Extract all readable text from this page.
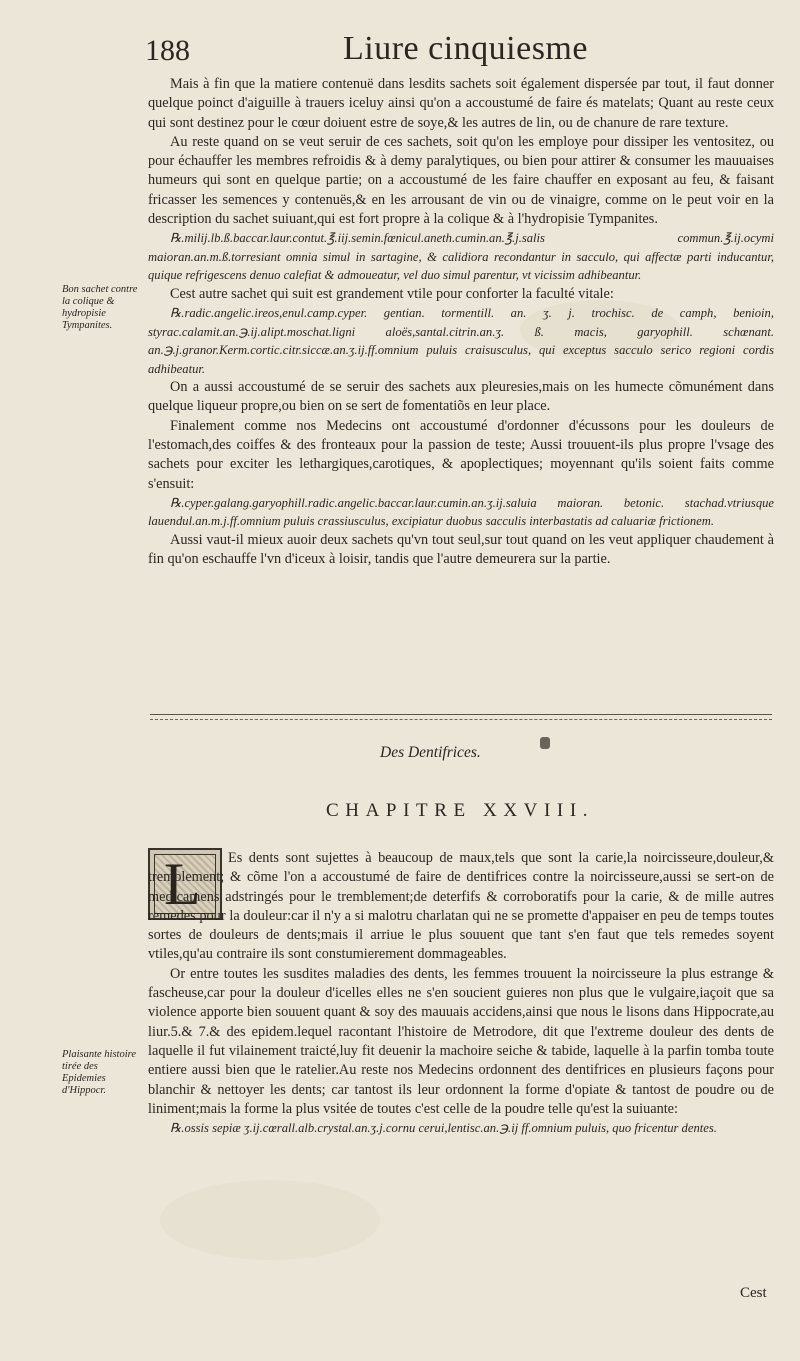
188	Liure cinquiesme
Bon sachet contre la colique & hydropisie Tympanites.
Plaisante histoire tirée des Epidemies d'Hippocr.

Mais à fin que la matiere contenuë dans lesdits sachets soit également dispersée par tout, il faut donner quelque poinct d'aiguille à trauers iceluy ainsi qu'on a accoustumé de faire és matelats; Quant au reste ceux qui sont destinez pour le cœur doiuent estre de soye,& les autres de lin, ou de chanure de rare texture.

Au reste quand on se veut seruir de ces sachets, soit qu'on les employe pour dissiper les ventositez, ou pour échauffer les membres refroidis & à demy paralytiques, ou bien pour attirer & consumer les mauuaises humeurs qui sont en quelque partie; on a accoustumé de les faire chauffer en exposant au feu, & faisant fricasser les semences y contenuës,& en les arrousant de vin ou de vinaigre, comme on le peut voir en la description du sachet suiuant,qui est fort propre à la colique & à l'hydropisie Tympanites.

℞.milij.lb.ß.baccar.laur.contut.℥.iij.semin.fœnicul.aneth.cumin.an.℥.j.salis commun.℥.ij.ocymi maioran.an.m.ß.torresiant omnia simul in sartagine, & calidiora recondantur in sacculo, qui affectæ parti inducantur, quique refrigescens denuo calefiat & admoueatur, vel duo simul parentur, vt vicissim adhibeantur.

Cest autre sachet qui suit est grandement vtile pour conforter la faculté vitale:

℞.radic.angelic.ireos,enul.camp.cyper. gentian. tormentill. an. ʒ. j. trochisc. de camph, benioin, styrac.calamit.an.℈.ij.alipt.moschat.ligni aloës,santal.citrin.an.ʒ. ß. macis, garyophill. schœnant. an.℈.j.granor.Kerm.cortic.citr.siccæ.an.ʒ.ij.ff.omnium puluis craisusculus, qui exceptus sacculo serico regioni cordis adhibeatur.

On a aussi accoustumé de se seruir des sachets aux pleuresies,mais on les humecte cõmunément dans quelque liqueur propre,ou bien on se sert de fomentatiõs en leur place.

Finalement comme nos Medecins ont accoustumé d'ordonner d'écussons pour les douleurs de l'estomach,des coiffes & des fronteaux pour la passion de teste; Aussi trouuent-ils plus propre l'vsage des sachets pour exciter les lethargiques,carotiques, & apoplectiques; moyennant qu'ils soient faits comme s'ensuit:

℞.cyper.galang.garyophill.radic.angelic.baccar.laur.cumin.an.ʒ.ij.saluia maioran. betonic. stachad.vtriusque lauendul.an.m.j.ff.omnium puluis crassiusculus, excipiatur duobus sacculis interbastatis ad caluariæ frictionem.

Aussi vaut-il mieux auoir deux sachets qu'vn tout seul,sur tout quand on les veut appliquer chaudement à fin qu'on eschauffe l'vn d'iceux à loisir, tandis que l'autre demeurera sur la partie.

Des Dentifrices.
CHAPITRE XXVIII.
L	Es dents sont sujettes à beaucoup de maux,tels que sont la carie,la noircisseure,douleur,& tremblement; & cõme l'on a accoustumé de faire de dentifrices contre la noircisseure,aussi se sert-on de medicamens adstringés pour le tremblement;de deterfifs & corroboratifs pour la carie, & de mille autres remedes pour la douleur:car il n'y a si malotru charlatan qui ne se promette d'appaiser en peu de temps toutes sortes de douleurs de dents;mais il arriue le plus souuent que tant s'en faut que tels remedes soyent vtiles,qu'au contraire ils sont constumierement dommageables.

Or entre toutes les susdites maladies des dents, les femmes trouuent la noircisseure la plus estrange & fascheuse,car pour la douleur d'icelles elles ne s'en soucient guieres non plus que le vulgaire,iaçoit que sa violence apporte bien souuent quant & soy des mauuais accidens,ainsi que nous le lisons dans Hippocrate,au liur.5.& 7.& des epidem.lequel racontant l'histoire de Metrodore, dit que l'extreme douleur des dents de laquelle il fut vilainement traicté,luy fit deuenir la machoire seiche & tabide, laquelle à la parfin tomba toute entiere aussi bien que le ratelier.Au reste nos Medecins ordonnent des dentifrices en plusieurs façons pour blanchir & nettoyer les dents; car tantost ils leur ordonnent la forme d'opiate & tantost de poudre ou de liniment;mais la forme la plus vsitée de toutes c'est celle de la poudre telle qu'est la suiuante:

℞.ossis sepiæ ʒ.ij.cœrall.alb.crystal.an.ʒ.j.cornu cerui,lentisc.an.℈.ij ff.omnium puluis, quo fricentur dentes.

Cest
